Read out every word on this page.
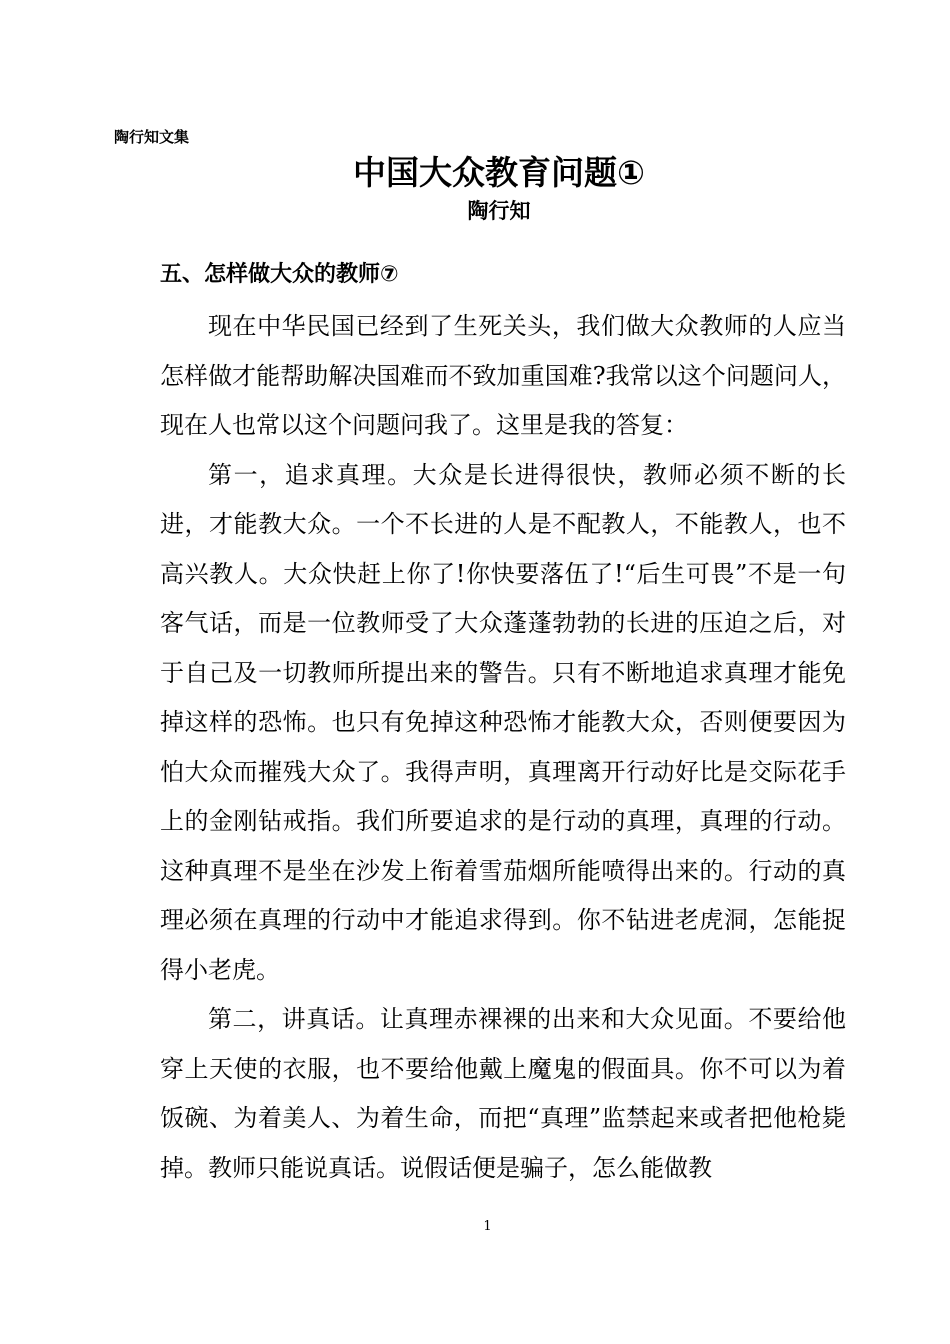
陶行知文集
中国大众教育问题①
陶行知
五、怎样做大众的教师⑦

现在中华民国已经到了生死关头，我们做大众教师的人应当怎样做才能帮助解决国难而不致加重国难?我常以这个问题问人，现在人也常以这个问题问我了。这里是我的答复：

第一，追求真理。大众是长进得很快，教师必须不断的长进，才能教大众。一个不长进的人是不配教人，不能教人，也不高兴教人。大众快赶上你了!你快要落伍了!“后生可畏”不是一句客气话，而是一位教师受了大众蓬蓬勃勃的长进的压迫之后，对于自己及一切教师所提出来的警告。只有不断地追求真理才能免掉这样的恐怖。也只有免掉这种恐怖才能教大众，否则便要因为怕大众而摧残大众了。我得声明，真理离开行动好比是交际花手上的金刚钻戒指。我们所要追求的是行动的真理，真理的行动。这种真理不是坐在沙发上衔着雪茄烟所能喷得出来的。行动的真理必须在真理的行动中才能追求得到。你不钻进老虎洞，怎能捉得小老虎。

第二，讲真话。让真理赤裸裸的出来和大众见面。不要给他穿上天使的衣服，也不要给他戴上魔鬼的假面具。你不可以为着饭碗、为着美人、为着生命，而把“真理”监禁起来或者把他枪毙掉。教师只能说真话。说假话便是骗子，怎么能做教

1
